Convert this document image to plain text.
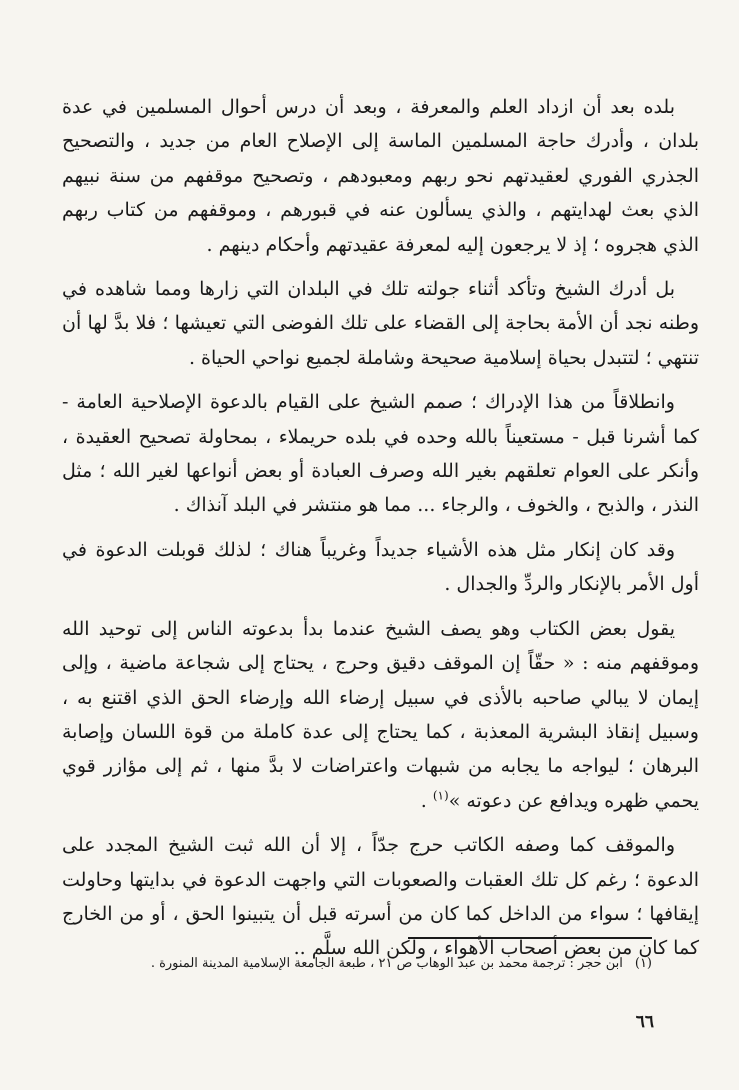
بلده بعد أن ازداد العلم والمعرفة ، وبعد أن درس أحوال المسلمين في عدة بلدان ، وأدرك حاجة المسلمين الماسة إلى الإصلاح العام من جديد ، والتصحيح الجذري الفوري لعقيدتهم نحو ربهم ومعبودهم ، وتصحيح موقفهم من سنة نبيهم الذي بعث لهدايتهم ، والذي يسألون عنه في قبورهم ، وموقفهم من كتاب ربهم الذي هجروه ؛ إذ لا يرجعون إليه لمعرفة عقيدتهم وأحكام دينهم .

بل أدرك الشيخ وتأكد أثناء جولته تلك في البلدان التي زارها ومما شاهده في وطنه نجد أن الأمة بحاجة إلى القضاء على تلك الفوضى التي تعيشها ؛ فلا بدَّ لها أن تنتهي ؛ لتتبدل بحياة إسلامية صحيحة وشاملة لجميع نواحي الحياة .

وانطلاقاً من هذا الإدراك ؛ صمم الشيخ على القيام بالدعوة الإصلاحية العامة - كما أشرنا قبل - مستعيناً بالله وحده في بلده حريملاء ، بمحاولة تصحيح العقيدة ، وأنكر على العوام تعلقهم بغير الله وصرف العبادة أو بعض أنواعها لغير الله ؛ مثل النذر ، والذبح ، والخوف ، والرجاء ... مما هو منتشر في البلد آنذاك .

وقد كان إنكار مثل هذه الأشياء جديداً وغريباً هناك ؛ لذلك قوبلت الدعوة في أول الأمر بالإنكار والردِّ والجدال .

يقول بعض الكتاب وهو يصف الشيخ عندما بدأ بدعوته الناس إلى توحيد الله وموقفهم منه : « حقّاً إن الموقف دقيق وحرج ، يحتاج إلى شجاعة ماضية ، وإلى إيمان لا يبالي صاحبه بالأذى في سبيل إرضاء الله وإرضاء الحق الذي اقتنع به ، وسبيل إنقاذ البشرية المعذبة ، كما يحتاج إلى عدة كاملة من قوة اللسان وإصابة البرهان ؛ ليواجه ما يجابه من شبهات واعتراضات لا بدَّ منها ، ثم إلى مؤازر قوي يحمي ظهره ويدافع عن دعوته »$^{(١)}$ .

والموقف كما وصفه الكاتب حرج جدّاً ، إلا أن الله ثبت الشيخ المجدد على الدعوة ؛ رغم كل تلك العقبات والصعوبات التي واجهت الدعوة في بدايتها وحاولت إيقافها ؛ سواء من الداخل كما كان من أسرته قبل أن يتبينوا الحق ، أو من الخارج كما كان من بعض أصحاب الأهواء ، ولكن الله سلَّم ..

(١)ابن حجر : ترجمة محمد بن عبد الوهاب ص ٢١ ، طبعة الجامعة الإسلامية المدينة المنورة .
٦٦
